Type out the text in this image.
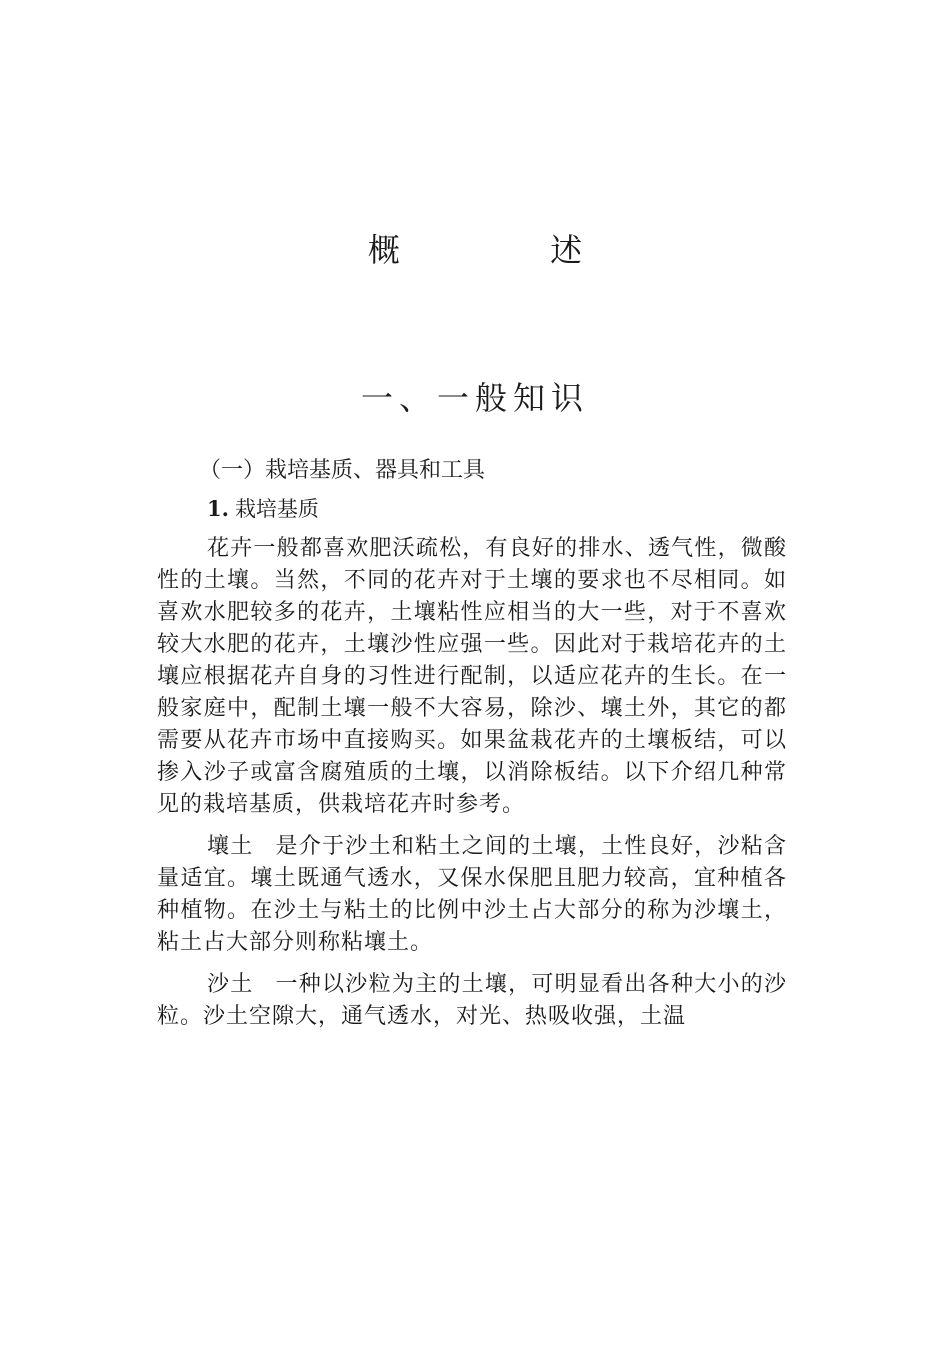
概 述
一、一般知识
（一）栽培基质、器具和工具
1. 栽培基质

花卉一般都喜欢肥沃疏松，有良好的排水、透气性，微酸性的土壤。当然，不同的花卉对于土壤的要求也不尽相同。如喜欢水肥较多的花卉，土壤粘性应相当的大一些，对于不喜欢较大水肥的花卉，土壤沙性应强一些。因此对于栽培花卉的土壤应根据花卉自身的习性进行配制，以适应花卉的生长。在一般家庭中，配制土壤一般不大容易，除沙、壤土外，其它的都需要从花卉市场中直接购买。如果盆栽花卉的土壤板结，可以掺入沙子或富含腐殖质的土壤，以消除板结。以下介绍几种常见的栽培基质，供栽培花卉时参考。

壤土 是介于沙土和粘土之间的土壤，土性良好，沙粘含量适宜。壤土既通气透水，又保水保肥且肥力较高，宜种植各种植物。在沙土与粘土的比例中沙土占大部分的称为沙壤土，粘土占大部分则称粘壤土。

沙土 一种以沙粒为主的土壤，可明显看出各种大小的沙粒。沙土空隙大，通气透水，对光、热吸收强，土温
